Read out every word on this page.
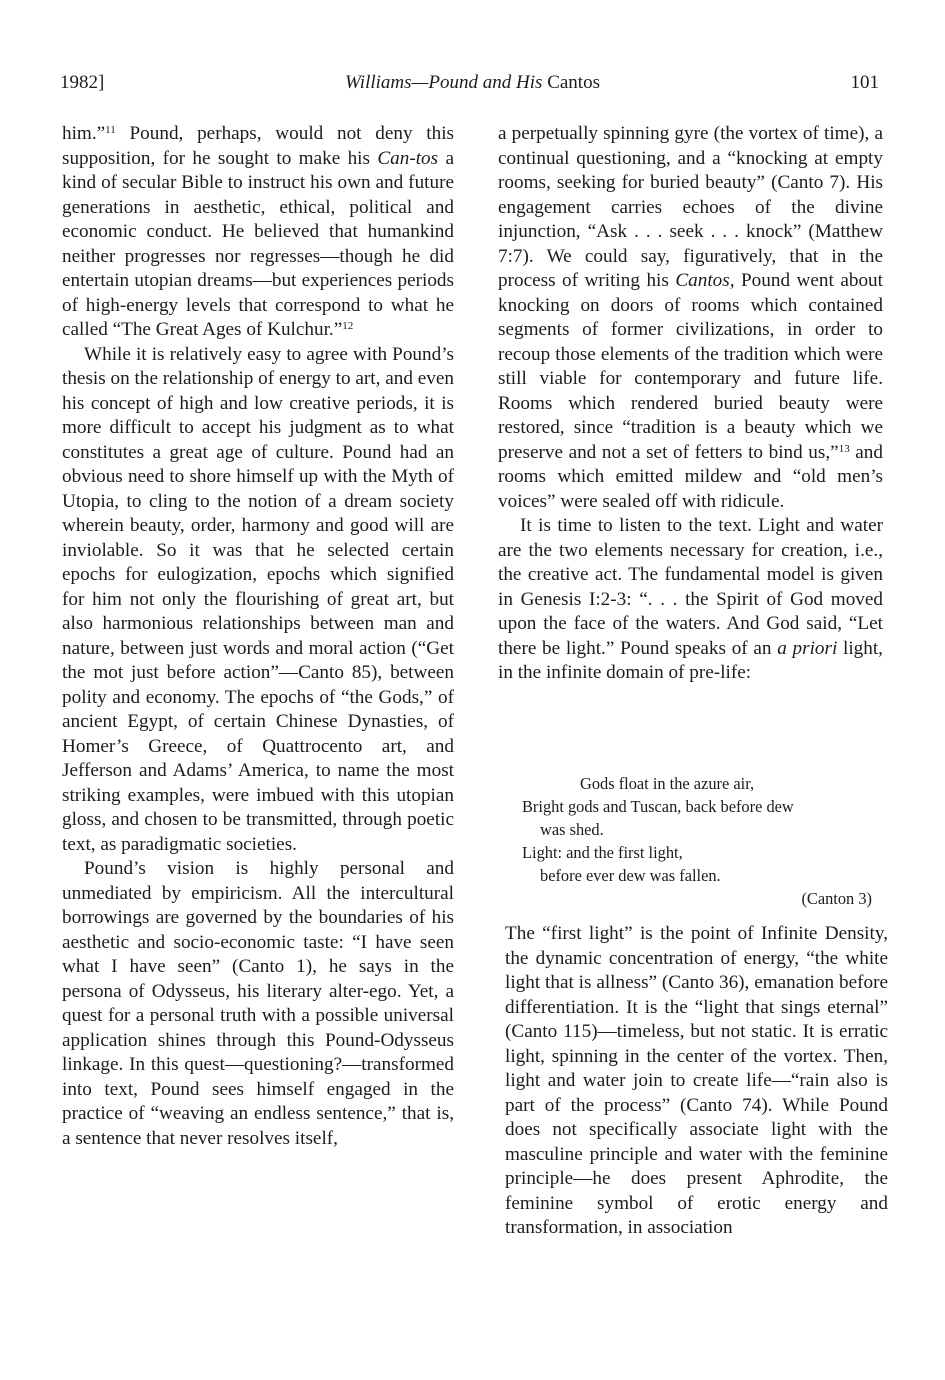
1982]	Williams—Pound and His Cantos	101

him.”$^{11}$ Pound, perhaps, would not deny this supposition, for he sought to make his Can-tos a kind of secular Bible to instruct his own and future generations in aesthetic, ethical, political and economic conduct. He believed that humankind neither progresses nor regresses—though he did entertain utopian dreams—but experiences periods of high-energy levels that correspond to what he called “The Great Ages of Kulchur.”$^{12}$

While it is relatively easy to agree with Pound’s thesis on the relationship of energy to art, and even his concept of high and low creative periods, it is more difficult to accept his judgment as to what constitutes a great age of culture. Pound had an obvious need to shore himself up with the Myth of Utopia, to cling to the notion of a dream society wherein beauty, order, harmony and good will are inviolable. So it was that he selected certain epochs for eulogization, epochs which signified for him not only the flourishing of great art, but also harmonious relationships between man and nature, between just words and moral action (“Get the mot just before action”—Canto 85), between polity and economy. The epochs of “the Gods,” of ancient Egypt, of certain Chinese Dynasties, of Homer’s Greece, of Quattrocento art, and Jefferson and Adams’ America, to name the most striking examples, were imbued with this utopian gloss, and chosen to be transmitted, through poetic text, as paradigmatic societies.

Pound’s vision is highly personal and unmediated by empiricism. All the intercultural borrowings are governed by the boundaries of his aesthetic and socio-economic taste: “I have seen what I have seen” (Canto 1), he says in the persona of Odysseus, his literary alter-ego. Yet, a quest for a personal truth with a possible universal application shines through this Pound-Odysseus linkage. In this quest—questioning?—transformed into text, Pound sees himself engaged in the practice of “weaving an endless sentence,” that is, a sentence that never resolves itself,

a perpetually spinning gyre (the vortex of time), a continual questioning, and a “knocking at empty rooms, seeking for buried beauty” (Canto 7). His engagement carries echoes of the divine injunction, “Ask . . . seek . . . knock” (Matthew 7:7). We could say, figuratively, that in the process of writing his Cantos, Pound went about knocking on doors of rooms which contained segments of former civilizations, in order to recoup those elements of the tradition which were still viable for contemporary and future life. Rooms which rendered buried beauty were restored, since “tradition is a beauty which we preserve and not a set of fetters to bind us,”$^{13}$ and rooms which emitted mildew and “old men’s voices” were sealed off with ridicule.

It is time to listen to the text. Light and water are the two elements necessary for creation, i.e., the creative act. The fundamental model is given in Genesis I:2-3: “. . . the Spirit of God moved upon the face of the waters. And God said, “Let there be light.” Pound speaks of an a priori light, in the infinite domain of pre-life:

Gods float in the azure air,
Bright gods and Tuscan, back before dew
was shed.
Light: and the first light,
before ever dew was fallen.
(Canton 3)

The “first light” is the point of Infinite Density, the dynamic concentration of energy, “the white light that is allness” (Canto 36), emanation before differentiation. It is the “light that sings eternal” (Canto 115)—timeless, but not static. It is erratic light, spinning in the center of the vortex. Then, light and water join to create life—“rain also is part of the process” (Canto 74). While Pound does not specifically associate light with the masculine principle and water with the feminine principle—he does present Aphrodite, the feminine symbol of erotic energy and transformation, in association
